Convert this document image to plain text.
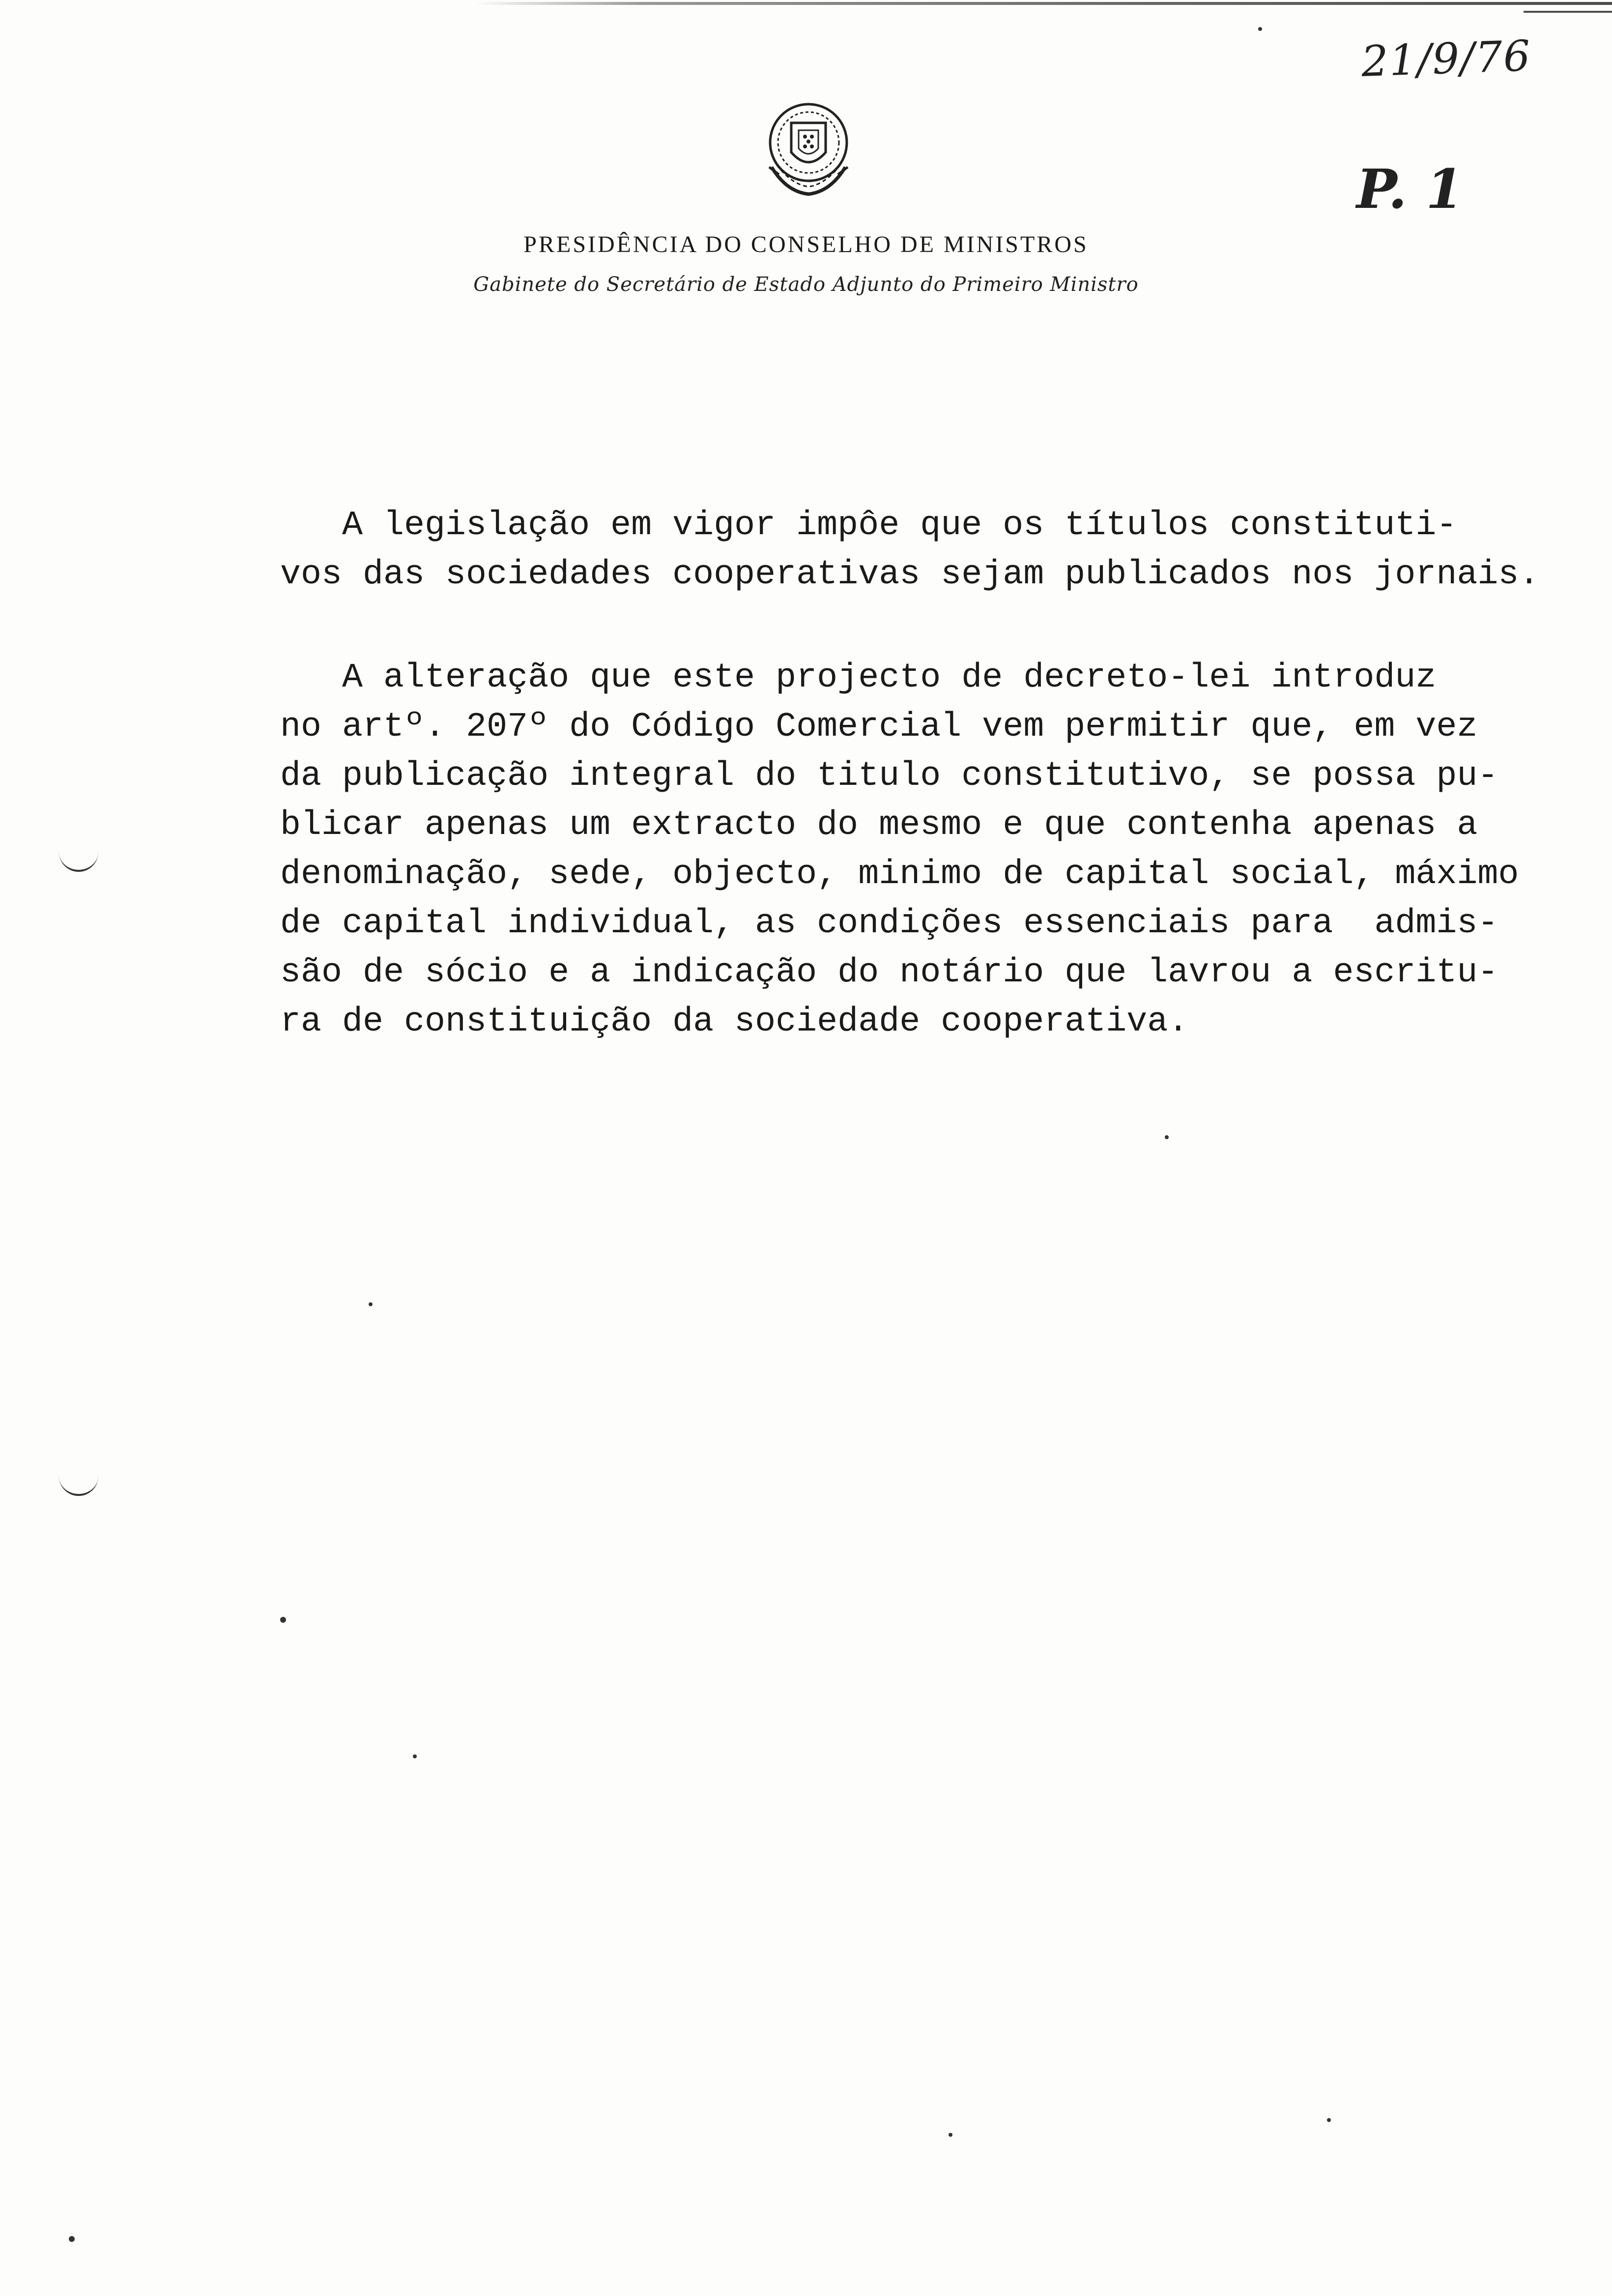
21/9/76
P. 1
PRESIDÊNCIA DO CONSELHO DE MINISTROS
Gabinete do Secretário de Estado Adjunto do Primeiro Ministro

A legislação em vigor impôe que os títulos constituti-
vos das sociedades cooperativas sejam publicados nos jornais.

A alteração que este projecto de decreto-lei introduz
no artº. 207º do Código Comercial vem permitir que, em vez
da publicação integral do titulo constitutivo, se possa pu-
blicar apenas um extracto do mesmo e que contenha apenas a
denominação, sede, objecto, minimo de capital social, máximo
de capital individual, as condições essenciais para  admis-
são de sócio e a indicação do notário que lavrou a escritu-
ra de constituição da sociedade cooperativa.
